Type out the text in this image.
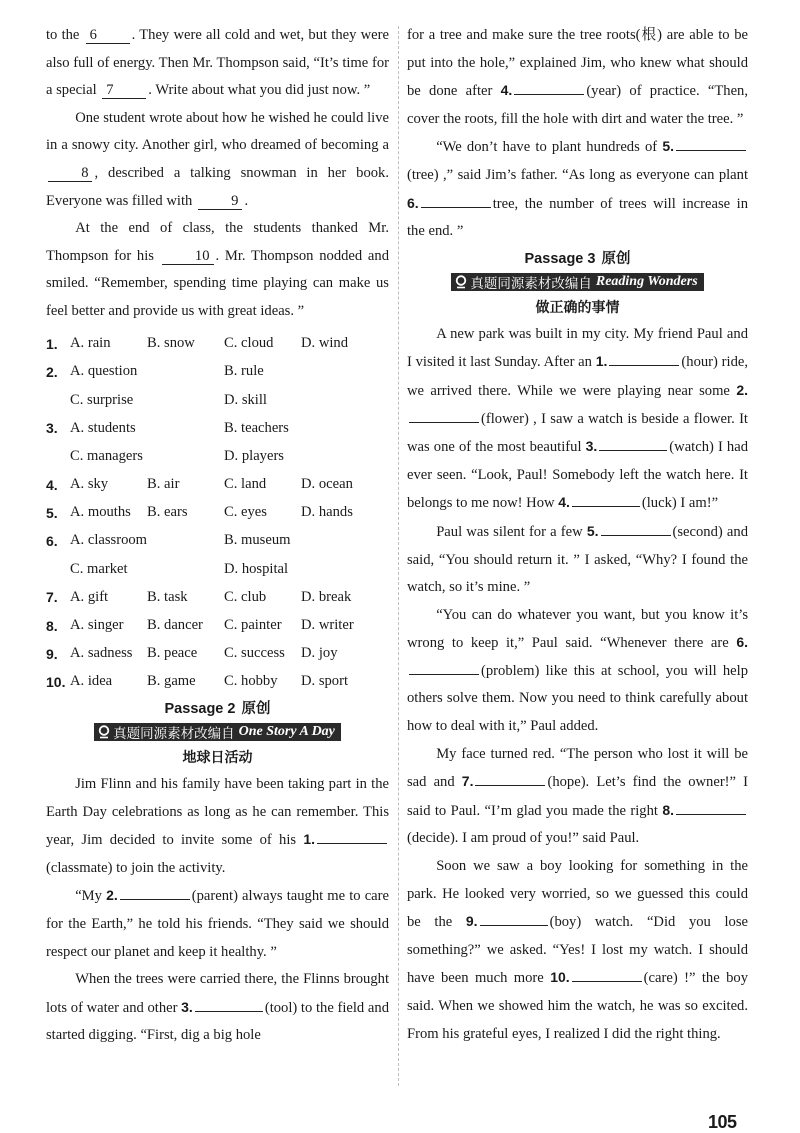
to the 6 . They were all cold and wet, but they were also full of energy. Then Mr. Thompson said, “It’s time for a special 7 . Write about what you did just now. ”

One student wrote about how he wished he could live in a snowy city. Another girl, who dreamed of becoming a 8 , described a talking snowman in her book. Everyone was filled with 9 .

At the end of class, the students thanked Mr. Thompson for his 10 . Mr. Thompson nodded and smiled. “Remember, spending time playing can make us feel better and provide us with great ideas. ”

1. A. rain	B. snow	C. cloud	D. wind
2. A. question	B. rule
C. surprise	D. skill
3. A. students	B. teachers
C. managers	D. players
4. A. sky	B. air	C. land	D. ocean
5. A. mouths	B. ears	C. eyes	D. hands
6. A. classroom	B. museum
C. market	D. hospital
7. A. gift	B. task	C. club	D. break
8. A. singer	B. dancer	C. painter	D. writer
9. A. sadness B. peace	C. success	D. joy
10. A. idea	B. game	C. hobby	D. sport
Passage 2 原创
真题同源素材改编自 One Story A Day
地球日活动

Jim Flinn and his family have been taking part in the Earth Day celebrations as long as he can remember. This year, Jim decided to invite some of his 1.(classmate) to join the activity.

“My 2.	(parent) always taught me to care for the Earth,” he told his friends. “They said we should respect our planet and keep it healthy. ”

When the trees were carried there, the Flinns brought lots of water and other 3.	(tool) to the field and started digging. “First, dig a big hole

for a tree and make sure the tree roots(根) are able to be put into the hole,” explained Jim, who knew what should be done after 4.	(year) of practice. “Then, cover the roots, fill the hole with dirt and water the tree. ”

“We don’t have to plant hundreds of 5.(tree) ,” said Jim’s father. “As long as everyone can plant 6.	tree, the number of trees will increase in the end. ”

Passage 3 原创
真题同源素材改编自 Reading Wonders
做正确的事情

A new park was built in my city. My friend Paul and I visited it last Sunday. After an 1.	(hour) ride, we arrived there. While we were playing near some 2.(flower) , I saw a watch is beside a flower. It was one of the most beautiful 3.	(watch) I had ever seen. “Look, Paul! Somebody left the watch here. It belongs to me now! How 4.	(luck) I am!”

Paul was silent for a few 5.	(second) and said, “You should return it. ” I asked, “Why? I found the watch, so it’s mine. ”

“You can do whatever you want, but you know it’s wrong to keep it,” Paul said. “Whenever there are 6.(problem) like this at school, you will help others solve them. Now you need to think carefully about how to deal with it,” Paul added.

My face turned red. “The person who lost it will be sad and 7.	(hope). Let’s find the owner!” I said to Paul. “I’m glad you made the right 8.(decide). I am proud of you!” said Paul.

Soon we saw a boy looking for something in the park. He looked very worried, so we guessed this could be the 9.	(boy) watch. “Did you lose something?” we asked. “Yes! I lost my watch. I should have been much more 10.	(care) !” the boy said. When we showed him the watch, he was so excited. From his grateful eyes, I realized I did the right thing.

105
